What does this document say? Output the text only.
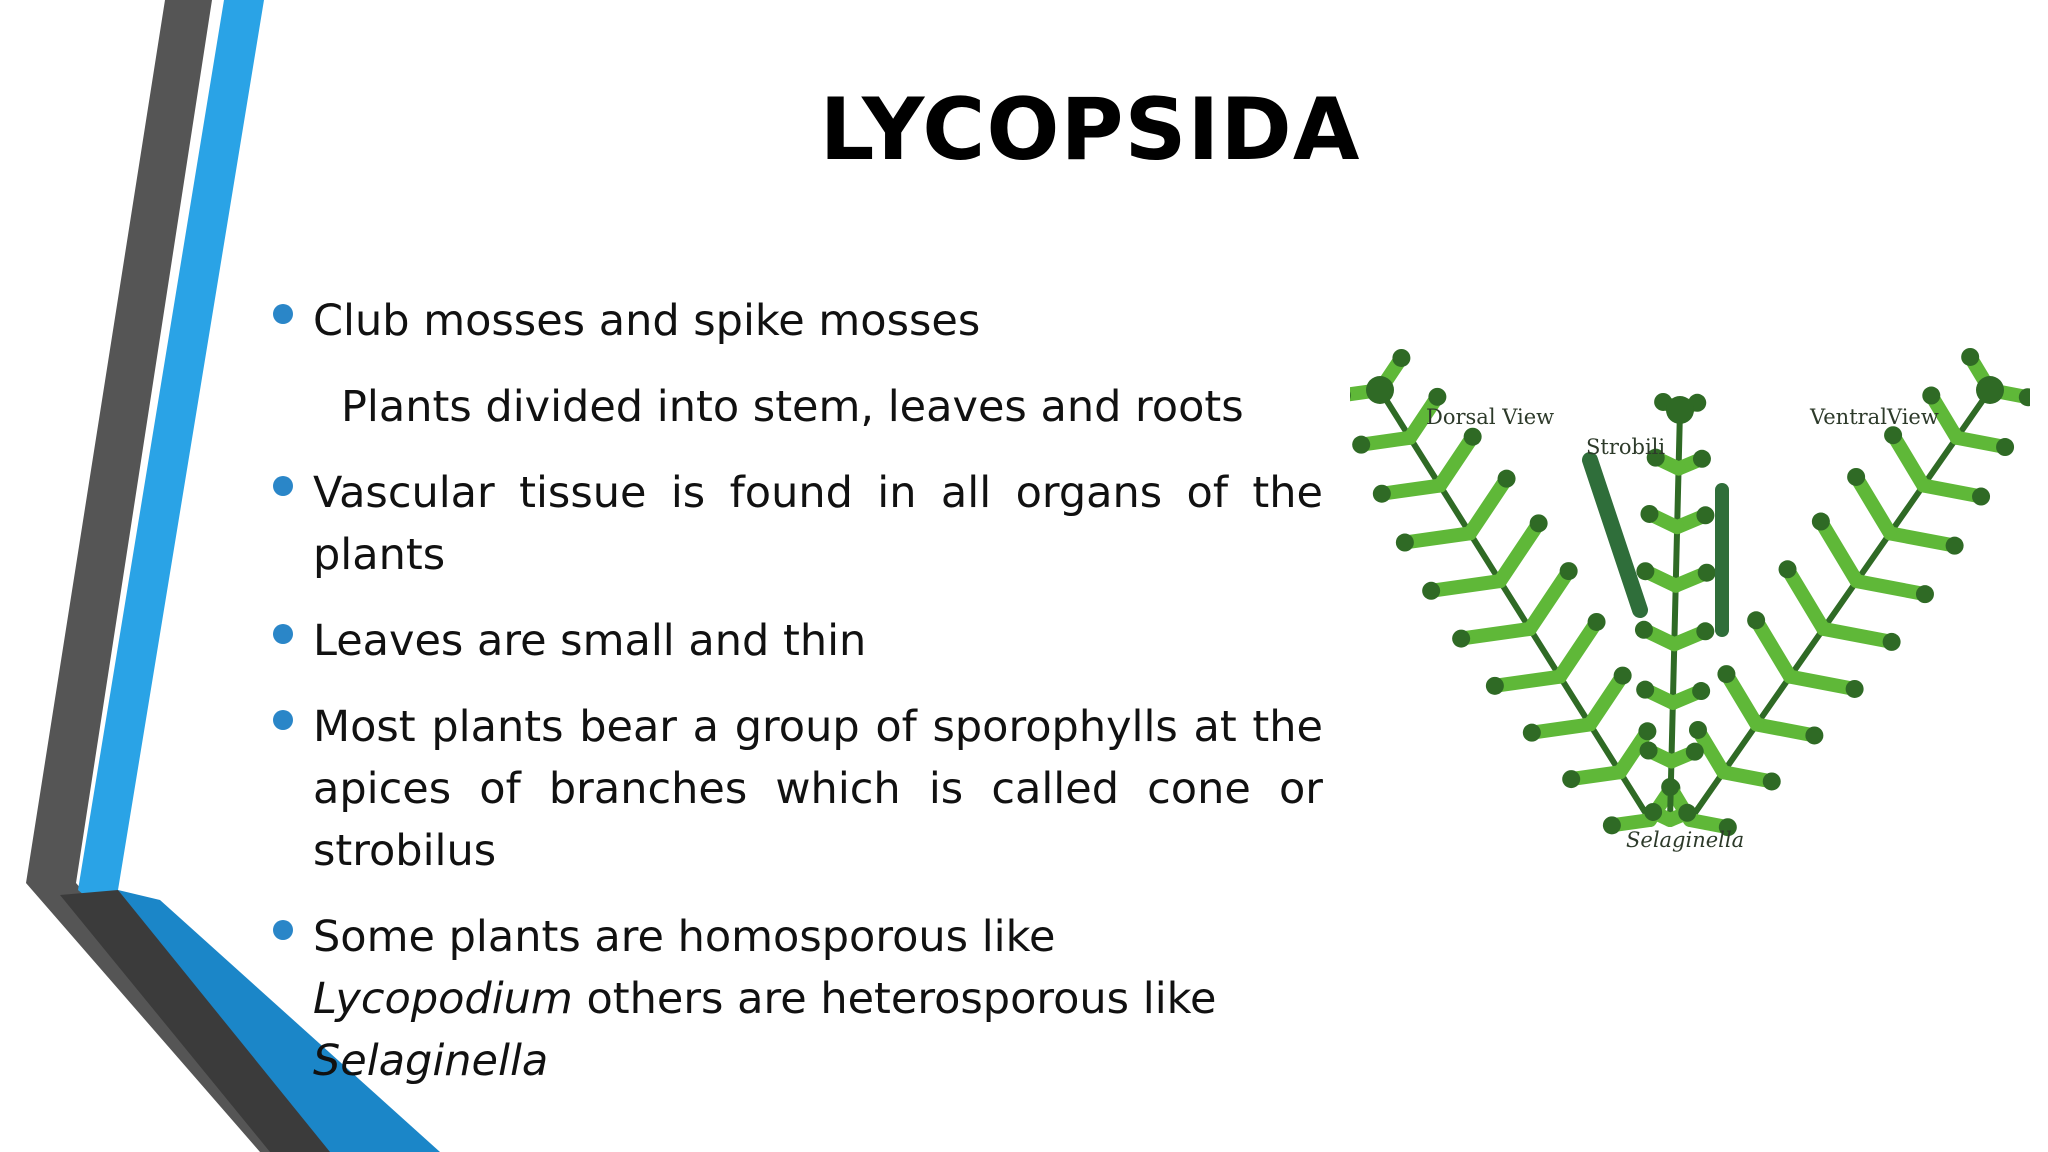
LYCOPSIDA
Club mosses and spike mosses
Plants divided into stem, leaves and roots
Vascular tissue is found in all organs of the plants
Leaves are small and thin
Most plants bear a group of sporophylls at the apices of branches which is called cone or strobilus
Some plants are homosporous like Lycopodium others are heterosporous like Selaginella
Dorsal View
Strobili
VentralView
Selaginella
